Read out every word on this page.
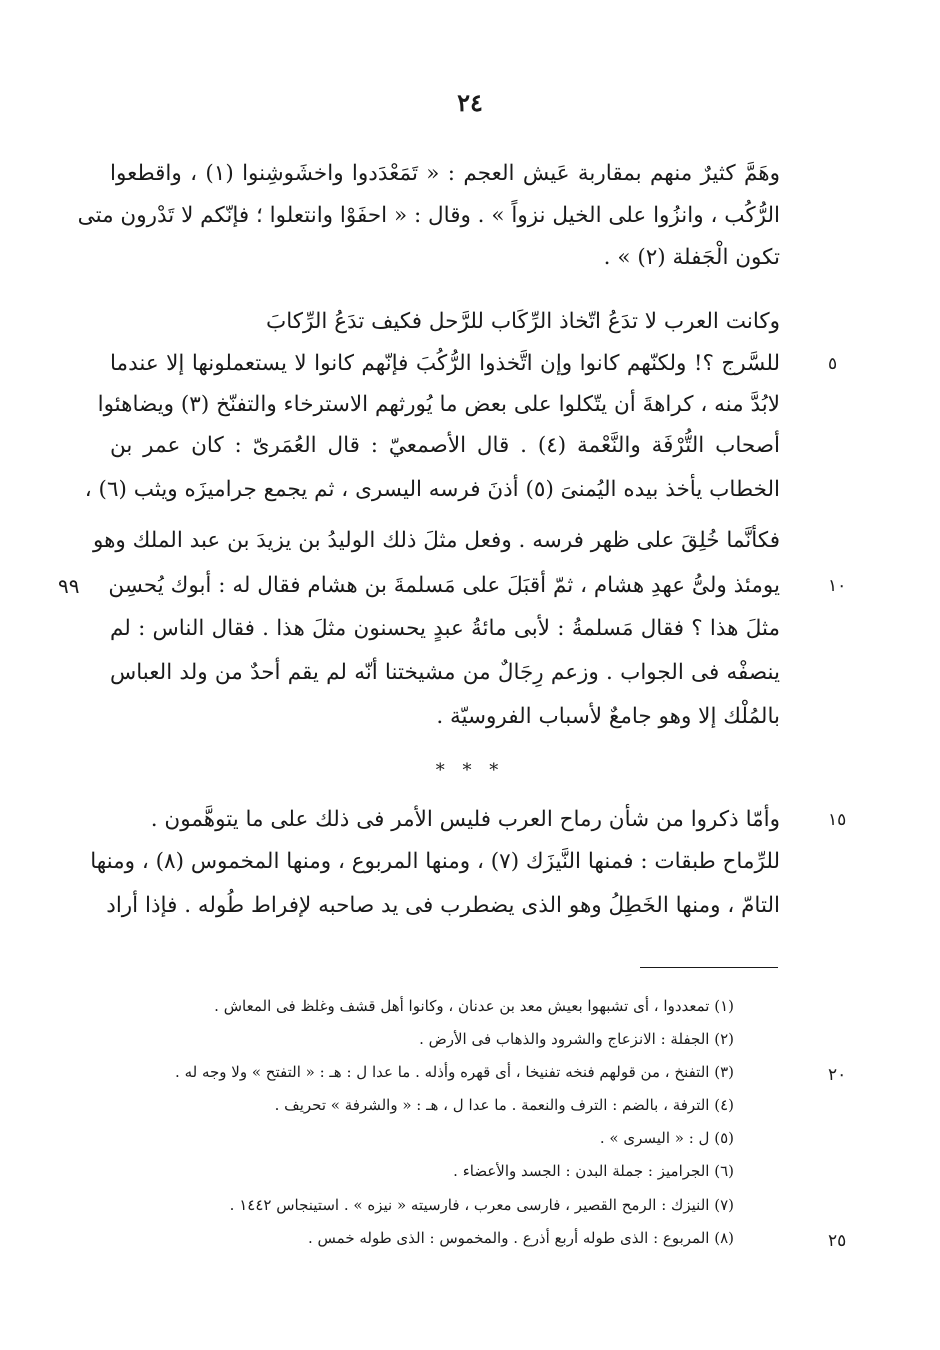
٢٤
وهَمَّ كثيرٌ منهم بمقاربة عَيش العجم : « تَمَعْدَدوا واخشَوشِنوا (١) ، واقطعوا
الرُّكُب ، وانزُوا على الخيل نزواً » . وقال : « احفَوْا وانتعلوا ؛ فإنّكم لا تَدْرون متى
تكون الْجَفلة (٢) » .
وكانت العرب لا تدَعُ اتّخاذ الرِّكَاب للرَّحل فكيف تدَعُ الرِّكابَ
للسَّرج ؟! ولكنّهم كانوا وإن اتَّخذوا الرُّكُبَ فإنّهم كانوا لا يستعملونها إلا عندما
لابُدَّ منه ، كراهةَ أن يتّكلوا على بعض ما يُورثهم الاسترخاء والتفنّخ (٣) ويضاهئوا
أصحاب التُّرْفَة والنَّعْمة (٤) . قال الأصمعيّ : قال العُمَرىّ : كان عمر بن
الخطاب يأخذ بيده اليُمنىَ (٥) أذنَ فرسه اليسرى ، ثم يجمع جراميزَه ويثب (٦) ،
فكأنَّما خُلِقَ على ظهر فرسه . وفعل مثلَ ذلك الوليدُ بن يزيدَ بن عبد الملك وهو
يومئذ ولىُّ عهدِ هشام ، ثمّ أقبَلَ على مَسلمةَ بن هشام فقال له : أبوك يُحسِن
مثلَ هذا ؟ فقال مَسلمةُ : لأبى مائةُ عبدٍ يحسنون مثلَ هذا . فقال الناس : لم
ينصفْه فى الجواب . وزعم رِجَالٌ من مشيختنا أنّه لم يقم أحدٌ من ولد العباس
بالمُلْك إلا وهو جامعٌ لأسباب الفروسيّة .
* * *
وأمّا ذكروا من شأن رماح العرب فليس الأمر فى ذلك على ما يتوهَّمون .
للرِّماح طبقات : فمنها النَّيزَك (٧) ، ومنها المربوع ، ومنها المخموس (٨) ، ومنها
التامّ ، ومنها الخَطِلُ وهو الذى يضطرب فى يد صاحبه لإفراط طُوله . فإذا أراد
٥
١٠
٩٩
١٥
٢٠
٢٥
(١) تمعددوا ، أى تشبهوا بعيش معد بن عدنان ، وكانوا أهل قشف وغلظ فى المعاش .
(٢) الجفلة : الانزعاج والشرود والذهاب فى الأرض .
(٣) التفنخ ، من قولهم فنخه تفنيخا ، أى قهره وأذله . ما عدا ل : هـ : « التفتح » ولا وجه له .
(٤) الترفة ، بالضم : الترف والنعمة . ما عدا ل ، هـ : « والشرفة » تحريف .
(٥) ل : « اليسرى » .
(٦) الجراميز : جملة البدن : الجسد والأعضاء .
(٧) النيزك : الرمح القصير ، فارسى معرب ، فارسيته « نيزه » . استينجاس ١٤٤٢ .
(٨) المربوع : الذى طوله أربع أذرع . والمخموس : الذى طوله خمس .
